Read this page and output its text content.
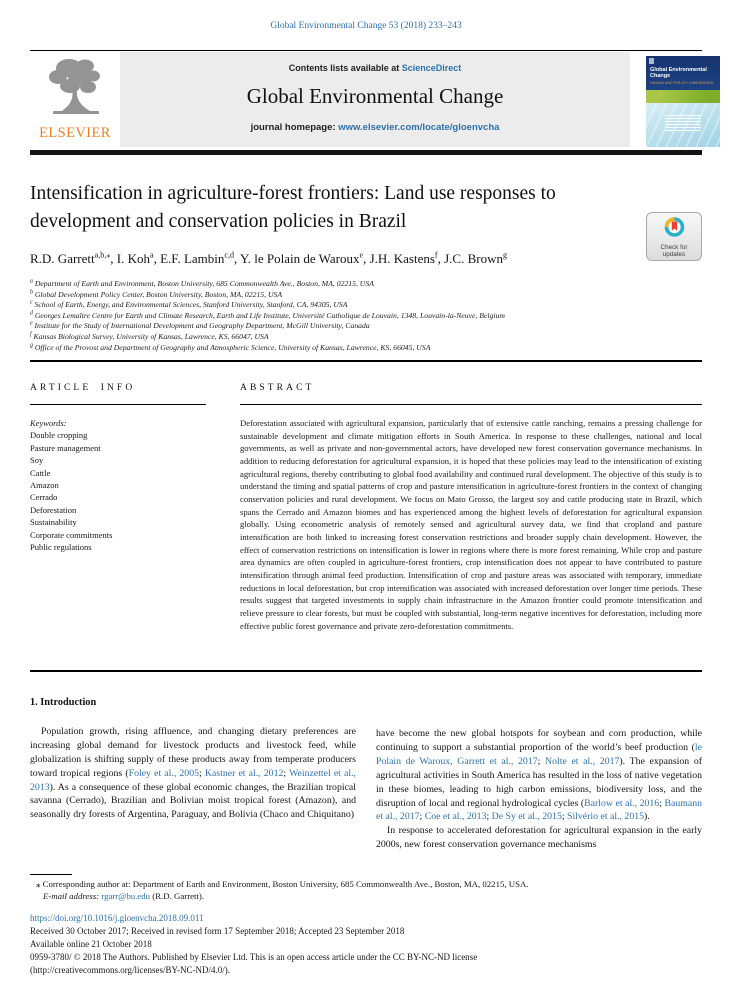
Global Environmental Change 53 (2018) 233–243
ELSEVIER
Contents lists available at ScienceDirect
Global Environmental Change
journal homepage: www.elsevier.com/locate/gloenvcha
Global Environmental Change
HUMAN AND POLICY DIMENSIONS
Intensification in agriculture-forest frontiers: Land use responses to development and conservation policies in Brazil
Check for
updates
R.D. Garrett$^{a,b,⁎}$, I. Koh$^a$, E.F. Lambin$^{c,d}$, Y. le Polain de Waroux$^e$, J.H. Kastens$^f$, J.C. Brown$^g$
$^a$ Department of Earth and Environment, Boston University, 685 Commonwealth Ave., Boston, MA, 02215, USA
$^b$ Global Development Policy Center, Boston University, Boston, MA, 02215, USA
$^c$ School of Earth, Energy, and Environmental Sciences, Stanford University, Stanford, CA, 94305, USA
$^d$ Georges Lemaître Centre for Earth and Climate Research, Earth and Life Institute, Université Catholique de Louvain, 1348, Louvain-la-Neuve, Belgium
$^e$ Institute for the Study of International Development and Geography Department, McGill University, Canada
$^f$ Kansas Biological Survey, University of Kansas, Lawrence, KS, 66047, USA
$^g$ Office of the Provost and Department of Geography and Atmospheric Science, University of Kansas, Lawrence, KS, 66045, USA
ARTICLE INFO
Keywords:
Double cropping
Pasture management
Soy
Cattle
Amazon
Cerrado
Deforestation
Sustainability
Corporate commitments
Public regulations
ABSTRACT
Deforestation associated with agricultural expansion, particularly that of extensive cattle ranching, remains a pressing challenge for sustainable development and climate mitigation efforts in South America. In response to these challenges, national and local governments, as well as private and non-governmental actors, have developed new forest conservation governance mechanisms. In addition to reducing deforestation for agricultural expansion, it is hoped that these policies may lead to the intensification of existing agricultural regions, thereby contributing to global food availability and continued rural development. The objective of this study is to understand the timing and spatial patterns of crop and pasture intensification in agriculture-forest frontiers in the context of changing conservation policies and rural development. We focus on Mato Grosso, the largest soy and cattle producing state in Brazil, which spans the Cerrado and Amazon biomes and has experienced among the highest levels of deforestation for agricultural expansion globally. Using econometric analysis of remotely sensed and agricultural survey data, we find that cropland and pasture intensification are both linked to increasing forest conservation restrictions and broader supply chain development. However, the effect of conservation restrictions on intensification is lower in regions where there is more forest remaining. While crop and pasture area dynamics are often coupled in agriculture-forest frontiers, crop intensification does not appear to have contributed to pasture intensification through animal feed production. Intensification of crop and pasture areas was associated with temporary, immediate reductions in local deforestation, but crop intensification was associated with increased deforestation over longer time periods. These results suggest that targeted investments in supply chain infrastructure in the Amazon frontier could promote intensification and relieve pressure to clear forests, but must be coupled with substantial, long-term negative incentives for deforestation, including more effective public forest governance and private zero-deforestation commitments.
1. Introduction

Population growth, rising affluence, and changing dietary preferences are increasing global demand for livestock products and livestock feed, while globalization is shifting supply of these products away from temperate producers toward tropical regions (Foley et al., 2005; Kastner et al., 2012; Weinzettel et al., 2013). As a consequence of these global economic changes, the Brazilian tropical savanna (Cerrado), Brazilian and Bolivian moist tropical forest (Amazon), and seasonally dry forests of Argentina, Paraguay, and Bolivia (Chaco and Chiquitano)

have become the new global hotspots for soybean and corn production, while continuing to support a substantial proportion of the world’s beef production (le Polain de Waroux, Garrett et al., 2017; Nolte et al., 2017). The expansion of agricultural activities in South America has resulted in the loss of native vegetation in these biomes, leading to high carbon emissions, biodiversity loss, and the disruption of local and regional hydrological cycles (Barlow et al., 2016; Baumann et al., 2017; Coe et al., 2013; De Sy et al., 2015; Silvério et al., 2015).

In response to accelerated deforestation for agricultural expansion in the early 2000s, new forest conservation governance mechanisms

⁎ Corresponding author at: Department of Earth and Environment, Boston University, 685 Commonwealth Ave., Boston, MA, 02215, USA.
E-mail address: rgarr@bu.edu (R.D. Garrett).
https://doi.org/10.1016/j.gloenvcha.2018.09.011
Received 30 October 2017; Received in revised form 17 September 2018; Accepted 23 September 2018
Available online 21 October 2018
0959-3780/ © 2018 The Authors. Published by Elsevier Ltd. This is an open access article under the CC BY-NC-ND license
(http://creativecommons.org/licenses/BY-NC-ND/4.0/).
